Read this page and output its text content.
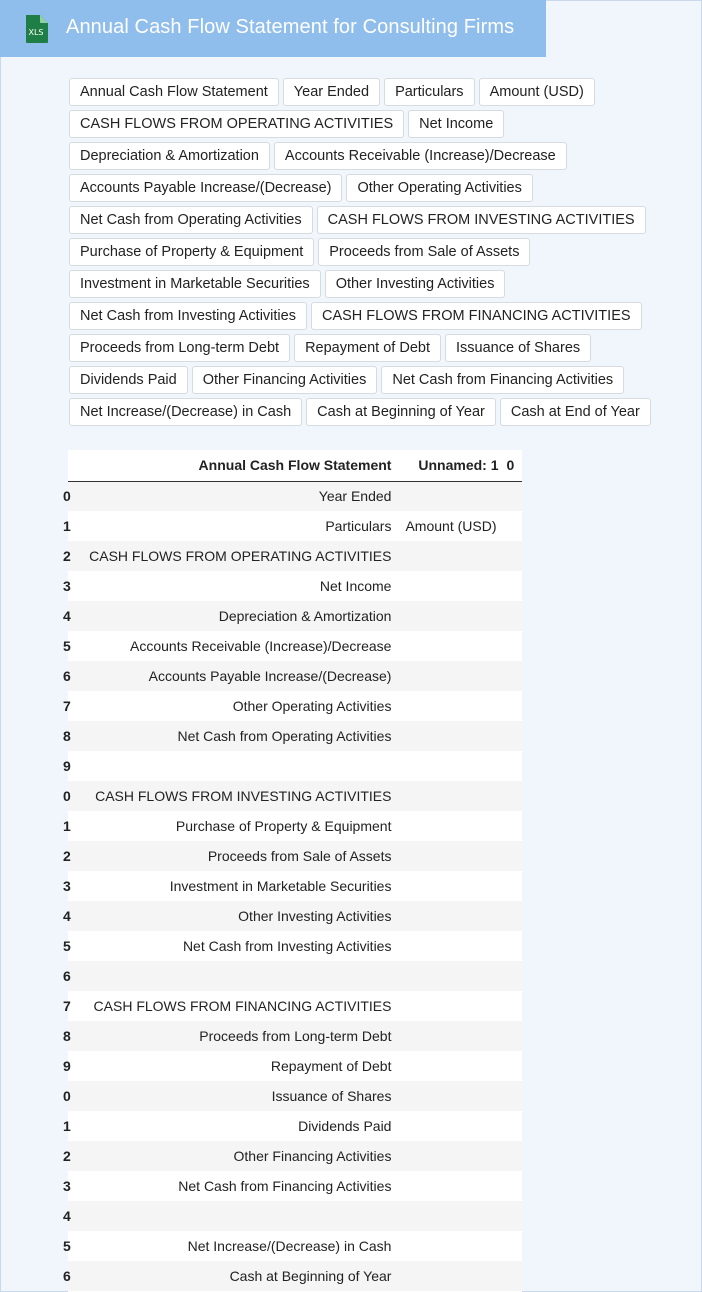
XLS Annual Cash Flow Statement for Consulting Firms
Annual Cash Flow Statement	Year Ended	Particulars	Amount (USD)
CASH FLOWS FROM OPERATING ACTIVITIES	Net Income
Depreciation & Amortization	Accounts Receivable (Increase)/Decrease
Accounts Payable Increase/(Decrease)	Other Operating Activities
Net Cash from Operating Activities	CASH FLOWS FROM INVESTING ACTIVITIES
Purchase of Property & Equipment	Proceeds from Sale of Assets
Investment in Marketable Securities	Other Investing Activities
Net Cash from Investing Activities	CASH FLOWS FROM FINANCING ACTIVITIES
Proceeds from Long-term Debt	Repayment of Debt	Issuance of Shares
Dividends Paid	Other Financing Activities	Net Cash from Financing Activities
Net Increase/(Decrease) in Cash	Cash at Beginning of Year	Cash at End of Year
	Annual Cash Flow Statement	Unnamed: 1	0

0	Year Ended		

1	Particulars	Amount (USD)	

2	CASH FLOWS FROM OPERATING ACTIVITIES		

3	Net Income		

4	Depreciation & Amortization		

5	Accounts Receivable (Increase)/Decrease		

6	Accounts Payable Increase/(Decrease)		

7	Other Operating Activities		

8	Net Cash from Operating Activities		

9			

0	CASH FLOWS FROM INVESTING ACTIVITIES		

1	Purchase of Property & Equipment		

2	Proceeds from Sale of Assets		

3	Investment in Marketable Securities		

4	Other Investing Activities		

5	Net Cash from Investing Activities		

6			

7	CASH FLOWS FROM FINANCING ACTIVITIES		

8	Proceeds from Long-term Debt		

9	Repayment of Debt		

0	Issuance of Shares		

1	Dividends Paid		

2	Other Financing Activities		

3	Net Cash from Financing Activities		

4			

5	Net Increase/(Decrease) in Cash		

6	Cash at Beginning of Year		
